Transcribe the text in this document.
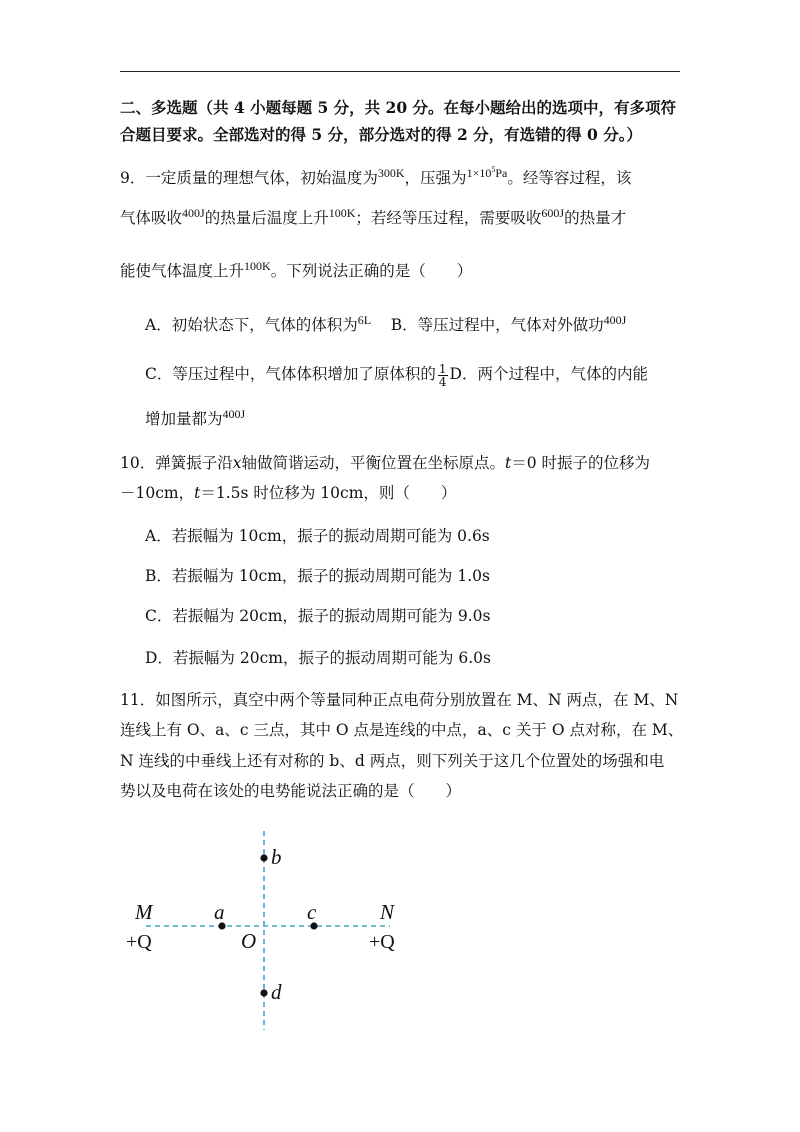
二、多选题（共 4 小题每题 5 分，共 20 分。在每小题给出的选项中，有多项符
合题目要求。全部选对的得 5 分，部分选对的得 2 分，有选错的得 0 分。）
9．一定质量的理想气体，初始温度为$^{300K}$，压强为$^{1\times 10^5Pa}$。经等容过程，该
气体吸收$^{400J}$的热量后温度上升$^{100K}$；若经等压过程，需要吸收$^{600J}$的热量才
能使气体温度上升$^{100K}$。下列说法正确的是（　　）
A．初始状态下，气体的体积为$^{6L}$ B．等压过程中，气体对外做功$^{400J}$
C．等压过程中，气体体积增加了原体积的 $\frac{1}{4}$ D．两个过程中，气体的内能
增加量都为$^{400J}$
10．弹簧振子沿x轴做简谐运动，平衡位置在坐标原点。t＝0 时振子的位移为
－10cm，t＝1.5s 时位移为 10cm，则（　　）
A．若振幅为 10cm，振子的振动周期可能为 0.6s
B．若振幅为 10cm，振子的振动周期可能为 1.0s
C．若振幅为 20cm，振子的振动周期可能为 9.0s
D．若振幅为 20cm，振子的振动周期可能为 6.0s
11．如图所示，真空中两个等量同种正点电荷分别放置在 M、N 两点，在 M、N
连线上有 O、a、c 三点，其中 O 点是连线的中点，a、c 关于 O 点对称，在 M、
N 连线的中垂线上还有对称的 b、d 两点，则下列关于这几个位置处的场强和电
势以及电荷在该处的电势能说法正确的是（　　）
b
M	a	c	N
+Q	O	+Q
d
